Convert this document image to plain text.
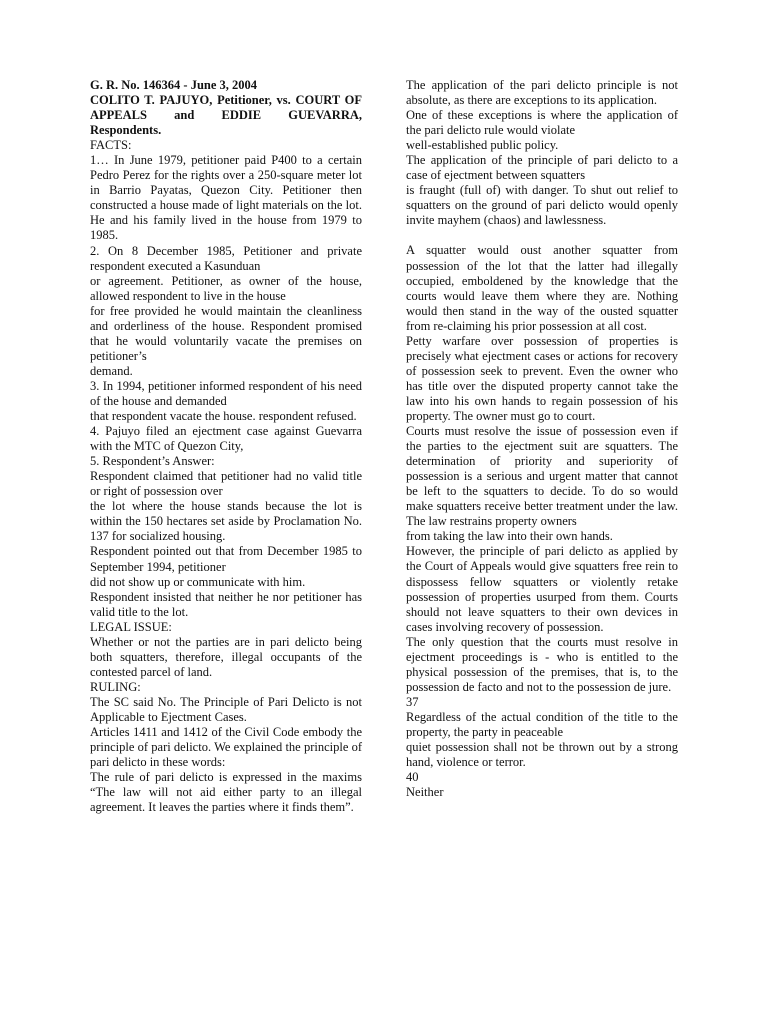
G. R. No. 146364 - June 3, 2004

COLITO T. PAJUYO, Petitioner, vs. COURT OF APPEALS and EDDIE GUEVARRA, Respondents.

FACTS:

1… In June 1979, petitioner paid P400 to a certain Pedro Perez for the rights over a 250-square meter lot in Barrio Payatas, Quezon City. Petitioner then constructed a house made of light materials on the lot. He and his family lived in the house from 1979 to 1985.

2. On 8 December 1985, Petitioner and private respondent executed a Kasunduan
or agreement. Petitioner, as owner of the house, allowed respondent to live in the house
for free provided he would maintain the cleanliness and orderliness of the house. Respondent promised that he would voluntarily vacate the premises on petitioner’s
demand.

3. In 1994, petitioner informed respondent of his need of the house and demanded
that respondent vacate the house. respondent refused.

4. Pajuyo filed an ejectment case against Guevarra with the MTC of Quezon City,

5. Respondent’s Answer:

Respondent claimed that petitioner had no valid title or right of possession over
the lot where the house stands because the lot is within the 150 hectares set aside by Proclamation No. 137 for socialized housing.

Respondent pointed out that from December 1985 to September 1994, petitioner
did not show up or communicate with him.

Respondent insisted that neither he nor petitioner has valid title to the lot.

LEGAL ISSUE:

Whether or not the parties are in pari delicto being both squatters, therefore, illegal occupants of the contested parcel of land.

RULING:

The SC said No. The Principle of Pari Delicto is not Applicable to Ejectment Cases.

Articles 1411 and 1412 of the Civil Code embody the principle of pari delicto. We explained the principle of pari delicto in these words:

The rule of pari delicto is expressed in the maxims “The law will not aid either party to an illegal agreement. It leaves the parties where it finds them”.

The application of the pari delicto principle is not absolute, as there are exceptions to its application.

One of these exceptions is where the application of the pari delicto rule would violate
well-established public policy.

The application of the principle of pari delicto to a case of ejectment between squatters
is fraught (full of) with danger. To shut out relief to squatters on the ground of pari delicto would openly invite mayhem (chaos) and lawlessness.

A squatter would oust another squatter from possession of the lot that the latter had illegally occupied, emboldened by the knowledge that the courts would leave them where they are. Nothing would then stand in the way of the ousted squatter from re-claiming his prior possession at all cost.

Petty warfare over possession of properties is precisely what ejectment cases or actions for recovery of possession seek to prevent. Even the owner who has title over the disputed property cannot take the law into his own hands to regain possession of his property. The owner must go to court.

Courts must resolve the issue of possession even if the parties to the ejectment suit are squatters. The determination of priority and superiority of possession is a serious and urgent matter that cannot be left to the squatters to decide. To do so would make squatters receive better treatment under the law. The law restrains property owners
from taking the law into their own hands.

However, the principle of pari delicto as applied by the Court of Appeals would give squatters free rein to dispossess fellow squatters or violently retake possession of properties usurped from them. Courts should not leave squatters to their own devices in cases involving recovery of possession.

The only question that the courts must resolve in ejectment proceedings is - who is entitled to the physical possession of the premises, that is, to the possession de facto and not to the possession de jure.

37

Regardless of the actual condition of the title to the property, the party in peaceable
quiet possession shall not be thrown out by a strong hand, violence or terror.

40

Neither
